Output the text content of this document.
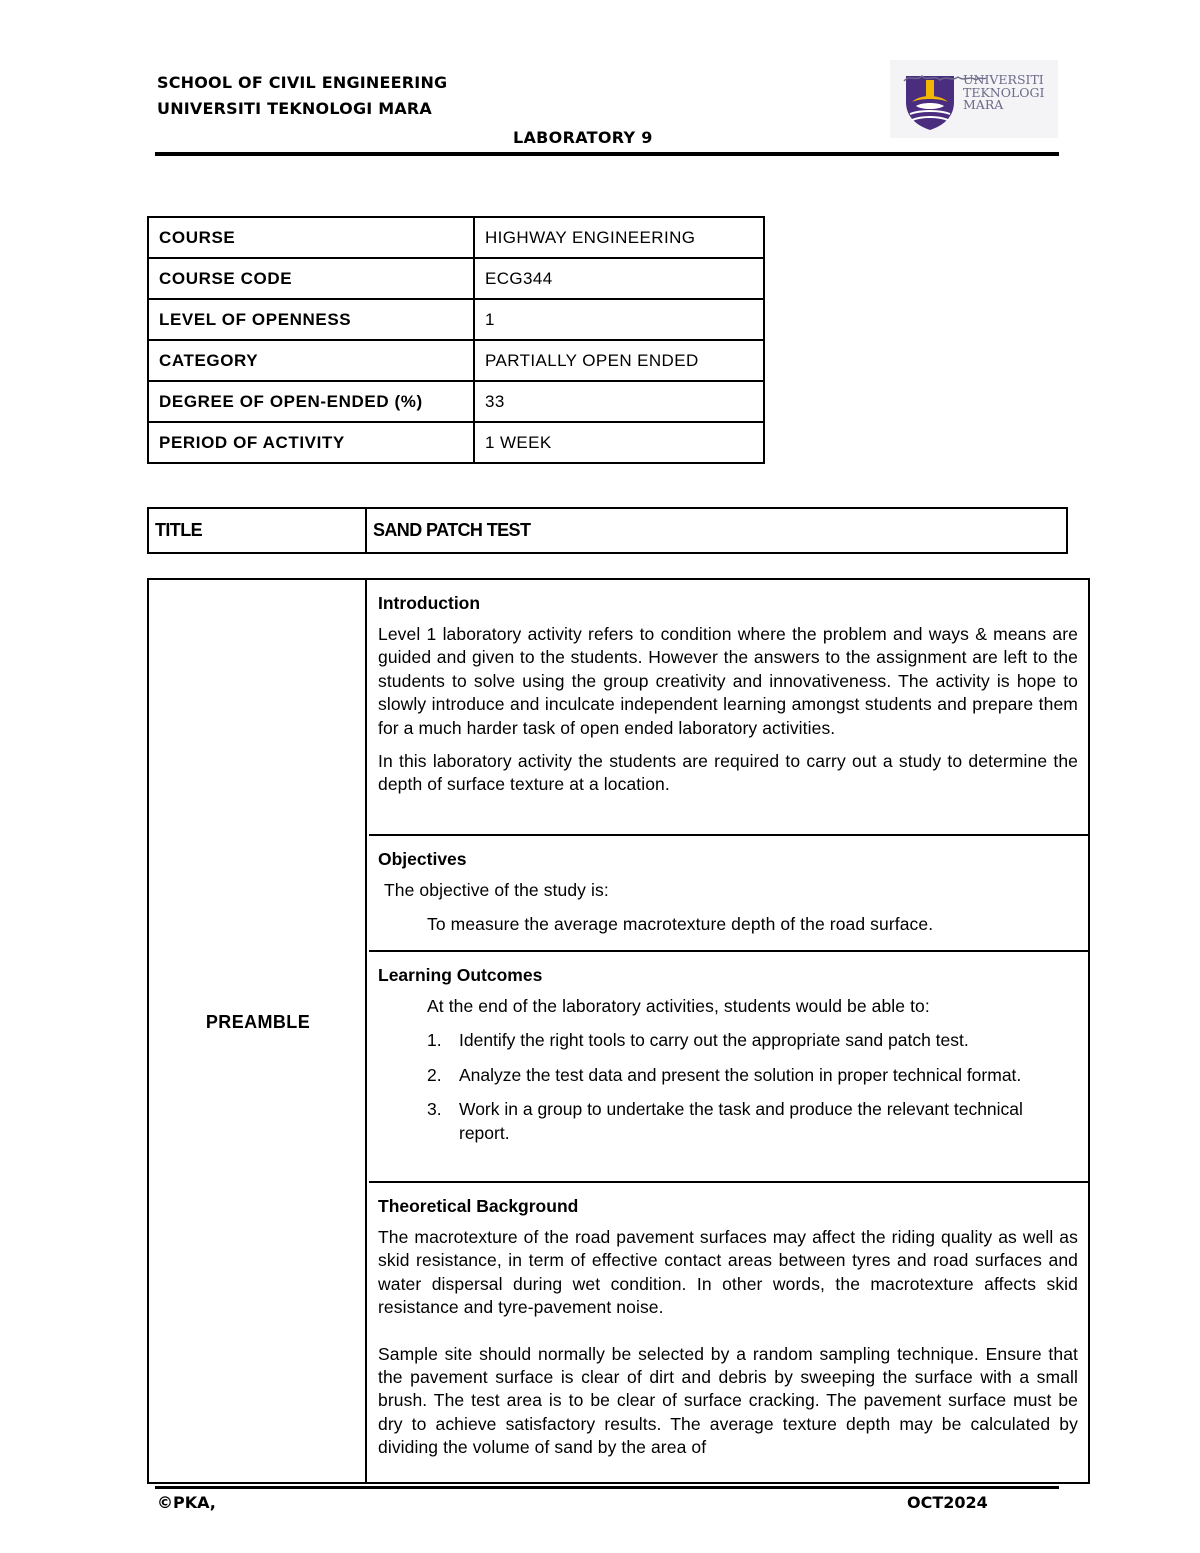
SCHOOL OF CIVIL ENGINEERING
UNIVERSITI TEKNOLOGI MARA
LABORATORY 9
UNIVERSITI
TEKNOLOGI
MARA
COURSE	HIGHWAY ENGINEERING
COURSE CODE	ECG344
LEVEL OF OPENNESS	1
CATEGORY	PARTIALLY OPEN ENDED
DEGREE OF OPEN-ENDED (%)	33
PERIOD OF ACTIVITY	1 WEEK
TITLE	SAND PATCH TEST
PREAMBLE
Introduction

Level 1 laboratory activity refers to condition where the problem and ways & means are guided and given to the students. However the answers to the assignment are left to the students to solve using the group creativity and innovativeness. The activity is hope to slowly introduce and inculcate independent learning amongst students and prepare them for a much harder task of open ended laboratory activities.

In this laboratory activity the students are required to carry out a study to determine the depth of surface texture at a location.

Objectives

The objective of the study is:

To measure the average macrotexture depth of the road surface.

Learning Outcomes

At the end of the laboratory activities, students would be able to:

1. Identify the right tools to carry out the appropriate sand patch test.
2. Analyze the test data and present the solution in proper technical format.
3. Work in a group to undertake the task and produce the relevant technical report.
Theoretical Background

The macrotexture of the road pavement surfaces may affect the riding quality as well as skid resistance, in term of effective contact areas between tyres and road surfaces and water dispersal during wet condition. In other words, the macrotexture affects skid resistance and tyre-pavement noise.

Sample site should normally be selected by a random sampling technique. Ensure that the pavement surface is clear of dirt and debris by sweeping the surface with a small brush. The test area is to be clear of surface cracking. The pavement surface must be dry to achieve satisfactory results. The average texture depth may be calculated by dividing the volume of sand by the area of

©PKA,	OCT2024
